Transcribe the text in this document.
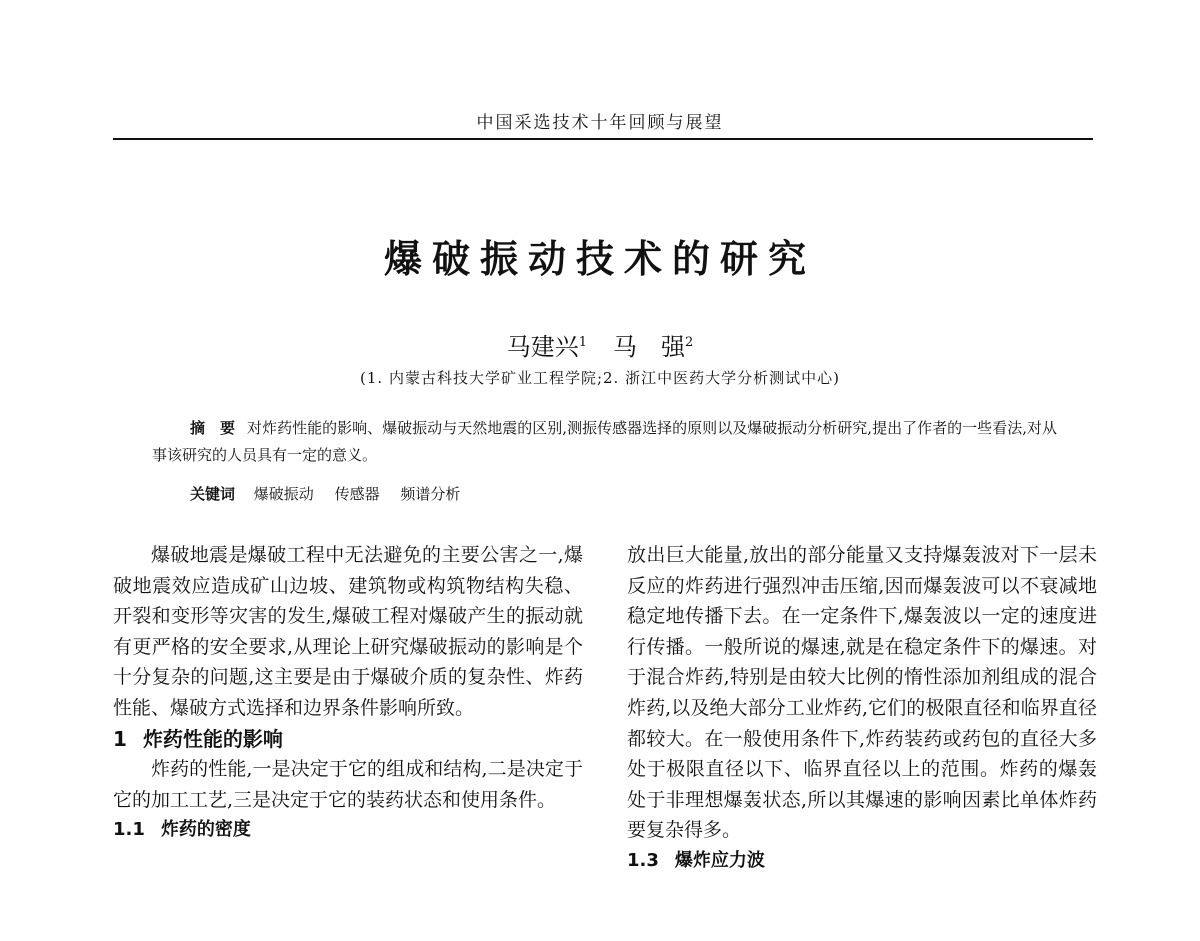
中国采选技术十年回顾与展望
爆破振动技术的研究
马建兴$^1$ 马　强$^2$
(1. 内蒙古科技大学矿业工程学院;2. 浙江中医药大学分析测试中心)
摘　要 对炸药性能的影响、爆破振动与天然地震的区别,测振传感器选择的原则以及爆破振动分析研究,提出了作者的一些看法,对从事该研究的人员具有一定的意义。
关键词 爆破振动 传感器 频谱分析

爆破地震是爆破工程中无法避免的主要公害之一,爆破地震效应造成矿山边坡、建筑物或构筑物结构失稳、开裂和变形等灾害的发生,爆破工程对爆破产生的振动就有更严格的安全要求,从理论上研究爆破振动的影响是个十分复杂的问题,这主要是由于爆破介质的复杂性、炸药性能、爆破方式选择和边界条件影响所致。

1 炸药性能的影响

炸药的性能,一是决定于它的组成和结构,二是决定于它的加工工艺,三是决定于它的装药状态和使用条件。

1.1 炸药的密度

放出巨大能量,放出的部分能量又支持爆轰波对下一层未反应的炸药进行强烈冲击压缩,因而爆轰波可以不衰减地稳定地传播下去。在一定条件下,爆轰波以一定的速度进行传播。一般所说的爆速,就是在稳定条件下的爆速。对于混合炸药,特别是由较大比例的惰性添加剂组成的混合炸药,以及绝大部分工业炸药,它们的极限直径和临界直径都较大。在一般使用条件下,炸药装药或药包的直径大多处于极限直径以下、临界直径以上的范围。炸药的爆轰处于非理想爆轰状态,所以其爆速的影响因素比单体炸药要复杂得多。

1.3 爆炸应力波
